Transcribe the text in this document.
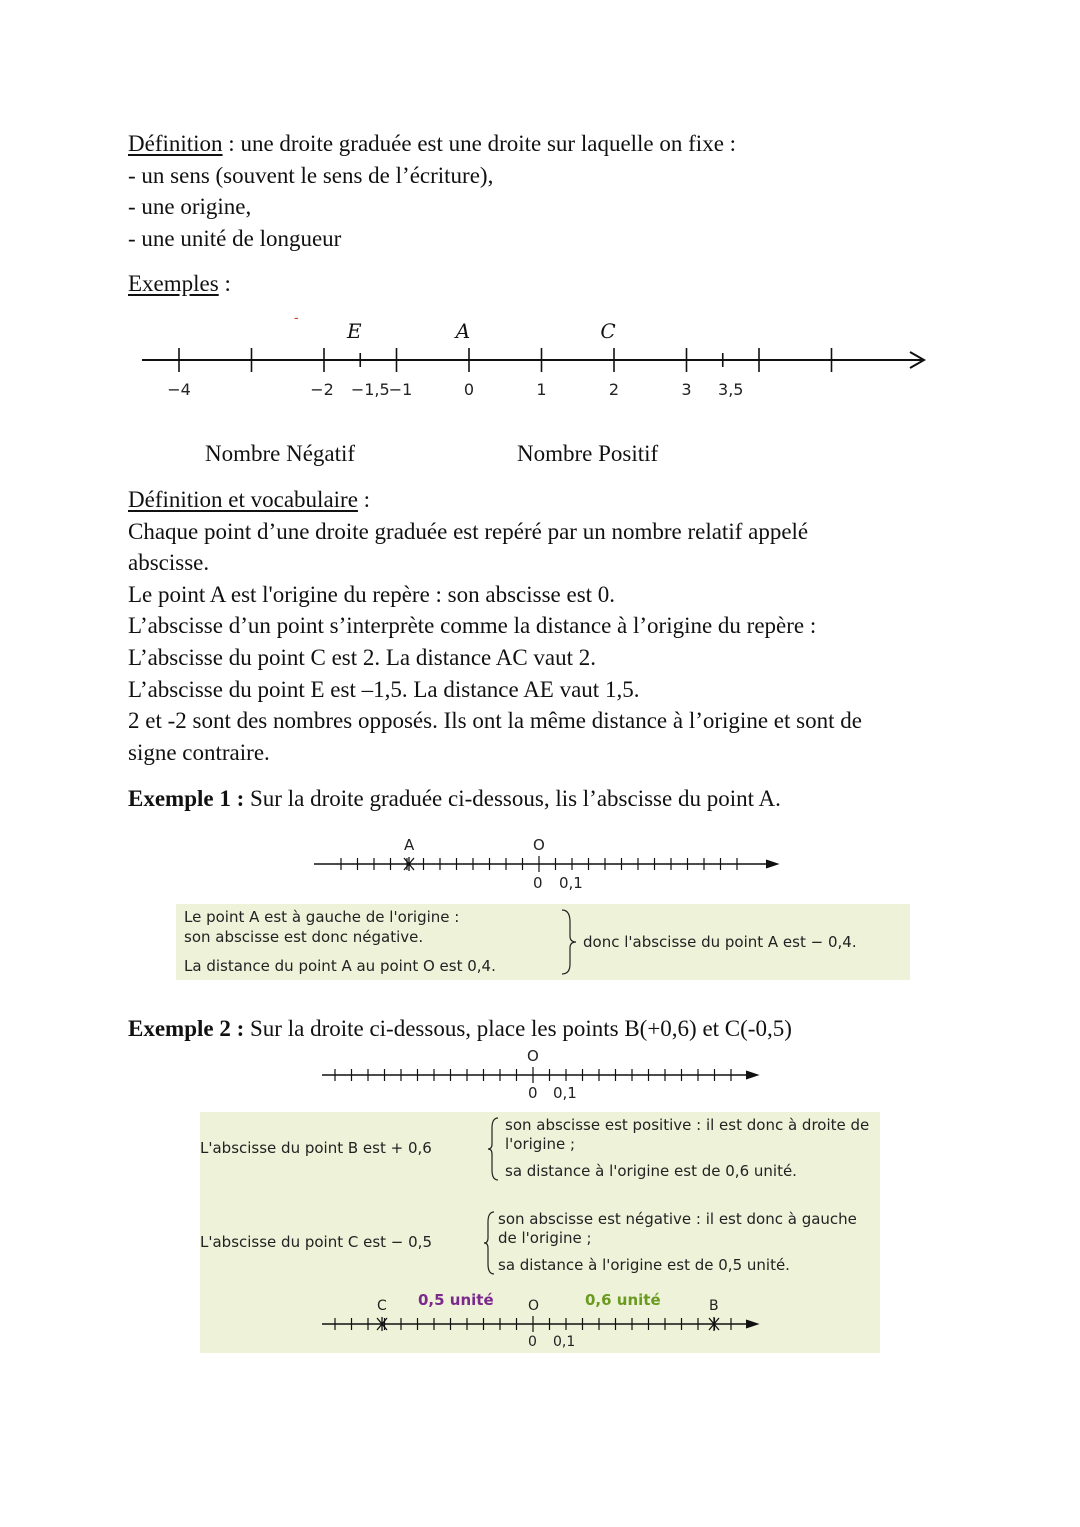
Définition : une droite graduée est une droite sur laquelle on fixe :
- un sens (souvent le sens de l’écriture),
- une origine,
- une unité de longueur
Exemples :
-
E	A	C
−4	−2 −1,5 −1	0	1	2	3 3,5
Nombre Négatif	Nombre Positif
Définition et vocabulaire :
Chaque point d’une droite graduée est repéré par un nombre relatif appelé
abscisse.
Le point A est l'origine du repère : son abscisse est 0.
L’abscisse d’un point s’interprète comme la distance à l’origine du repère :
L’abscisse du point C est 2. La distance AC vaut 2.
L’abscisse du point E est –1,5. La distance AE vaut 1,5.
2 et -2 sont des nombres opposés. Ils ont la même distance à l’origine et sont de
signe contraire.
Exemple 1 : Sur la droite graduée ci-dessous, lis l’abscisse du point A.
A	O
0 0,1
Le point A est à gauche de l'origine :
son abscisse est donc négative.
La distance du point A au point O est 0,4.
donc l'abscisse du point A est − 0,4.
Exemple 2 : Sur la droite ci-dessous, place les points B(+0,6) et C(-0,5)
O
0 0,1
L'abscisse du point B est + 0,6
son abscisse est positive : il est donc à droite de
l'origine ;
sa distance à l'origine est de 0,6 unité.
L'abscisse du point C est − 0,5
son abscisse est négative : il est donc à gauche
de l'origine ;
sa distance à l'origine est de 0,5 unité.
C	O	B
0,5 unité	0,6 unité
0 0,1
